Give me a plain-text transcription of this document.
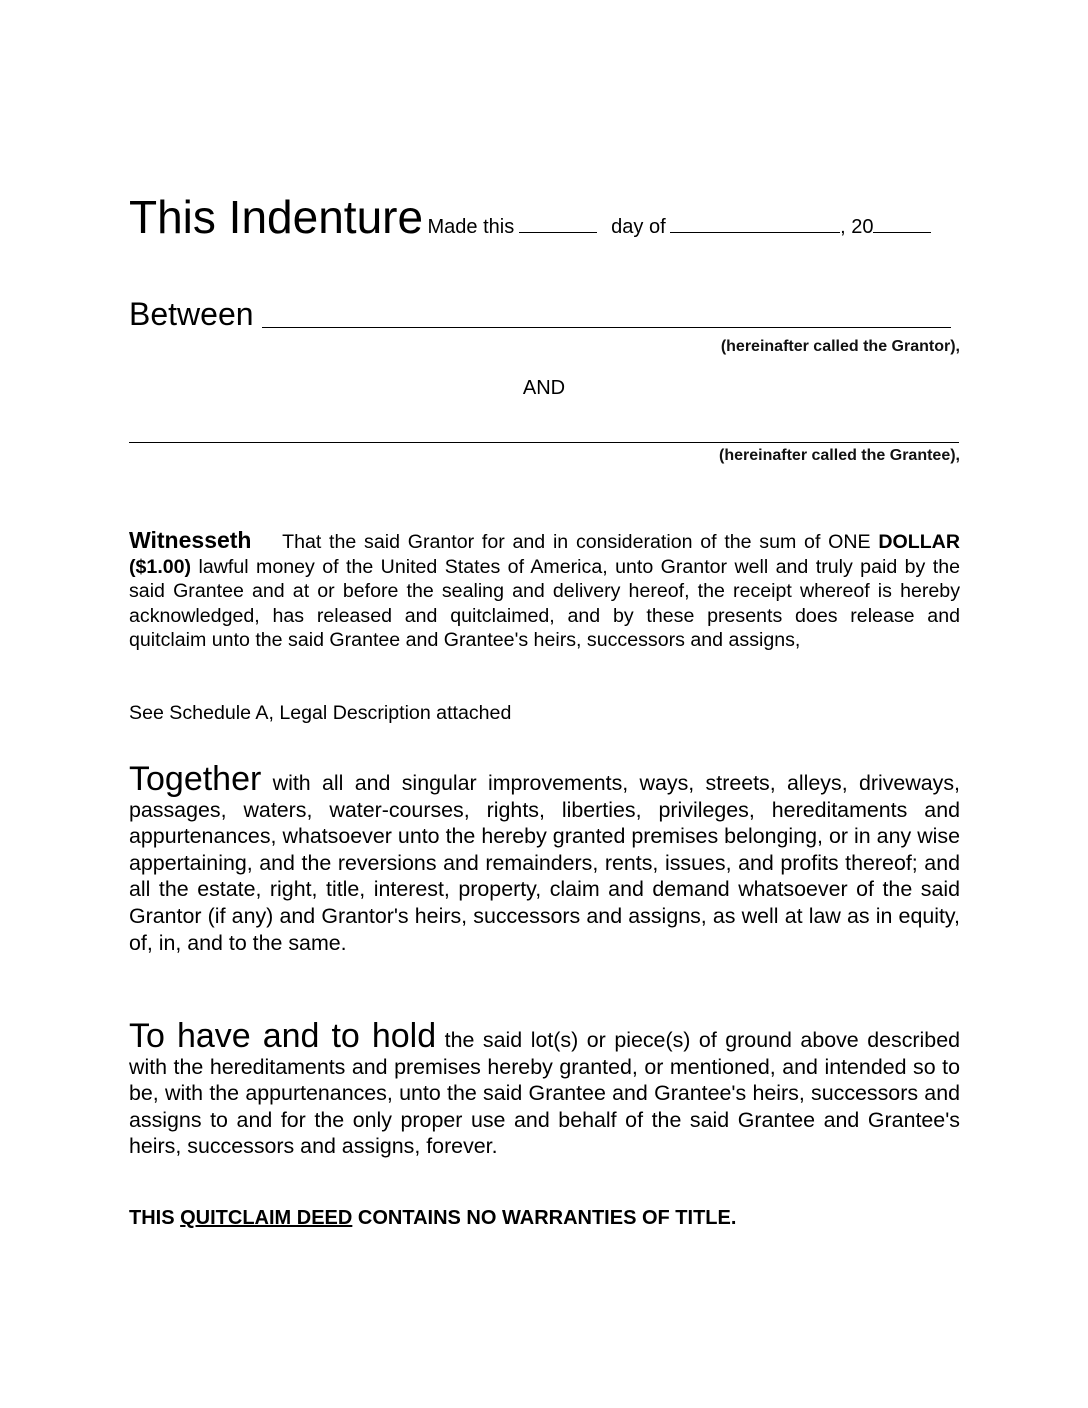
This Indenture Made this	day of	, 20
Between
(hereinafter called the Grantor),
AND
(hereinafter called the Grantee),
Witnesseth That the said Grantor for and in consideration of the sum of ONE DOLLAR ($1.00) lawful money of the United States of America, unto Grantor well and truly paid by the said Grantee and at or before the sealing and delivery hereof, the receipt whereof is hereby acknowledged, has released and quitclaimed, and by these presents does release and quitclaim unto the said Grantee and Grantee's heirs, successors and assigns,
See Schedule A, Legal Description attached
Together with all and singular improvements, ways, streets, alleys, driveways, passages, waters, water-courses, rights, liberties, privileges, hereditaments and appurtenances, whatsoever unto the hereby granted premises belonging, or in any wise appertaining, and the reversions and remainders, rents, issues, and profits thereof; and all the estate, right, title, interest, property, claim and demand whatsoever of the said Grantor (if any) and Grantor's heirs, successors and assigns, as well at law as in equity, of, in, and to the same.
To have and to hold the said lot(s) or piece(s) of ground above described with the hereditaments and premises hereby granted, or mentioned, and intended so to be, with the appurtenances, unto the said Grantee and Grantee's heirs, successors and assigns to and for the only proper use and behalf of the said Grantee and Grantee's heirs, successors and assigns, forever.
THIS QUITCLAIM DEED CONTAINS NO WARRANTIES OF TITLE.
